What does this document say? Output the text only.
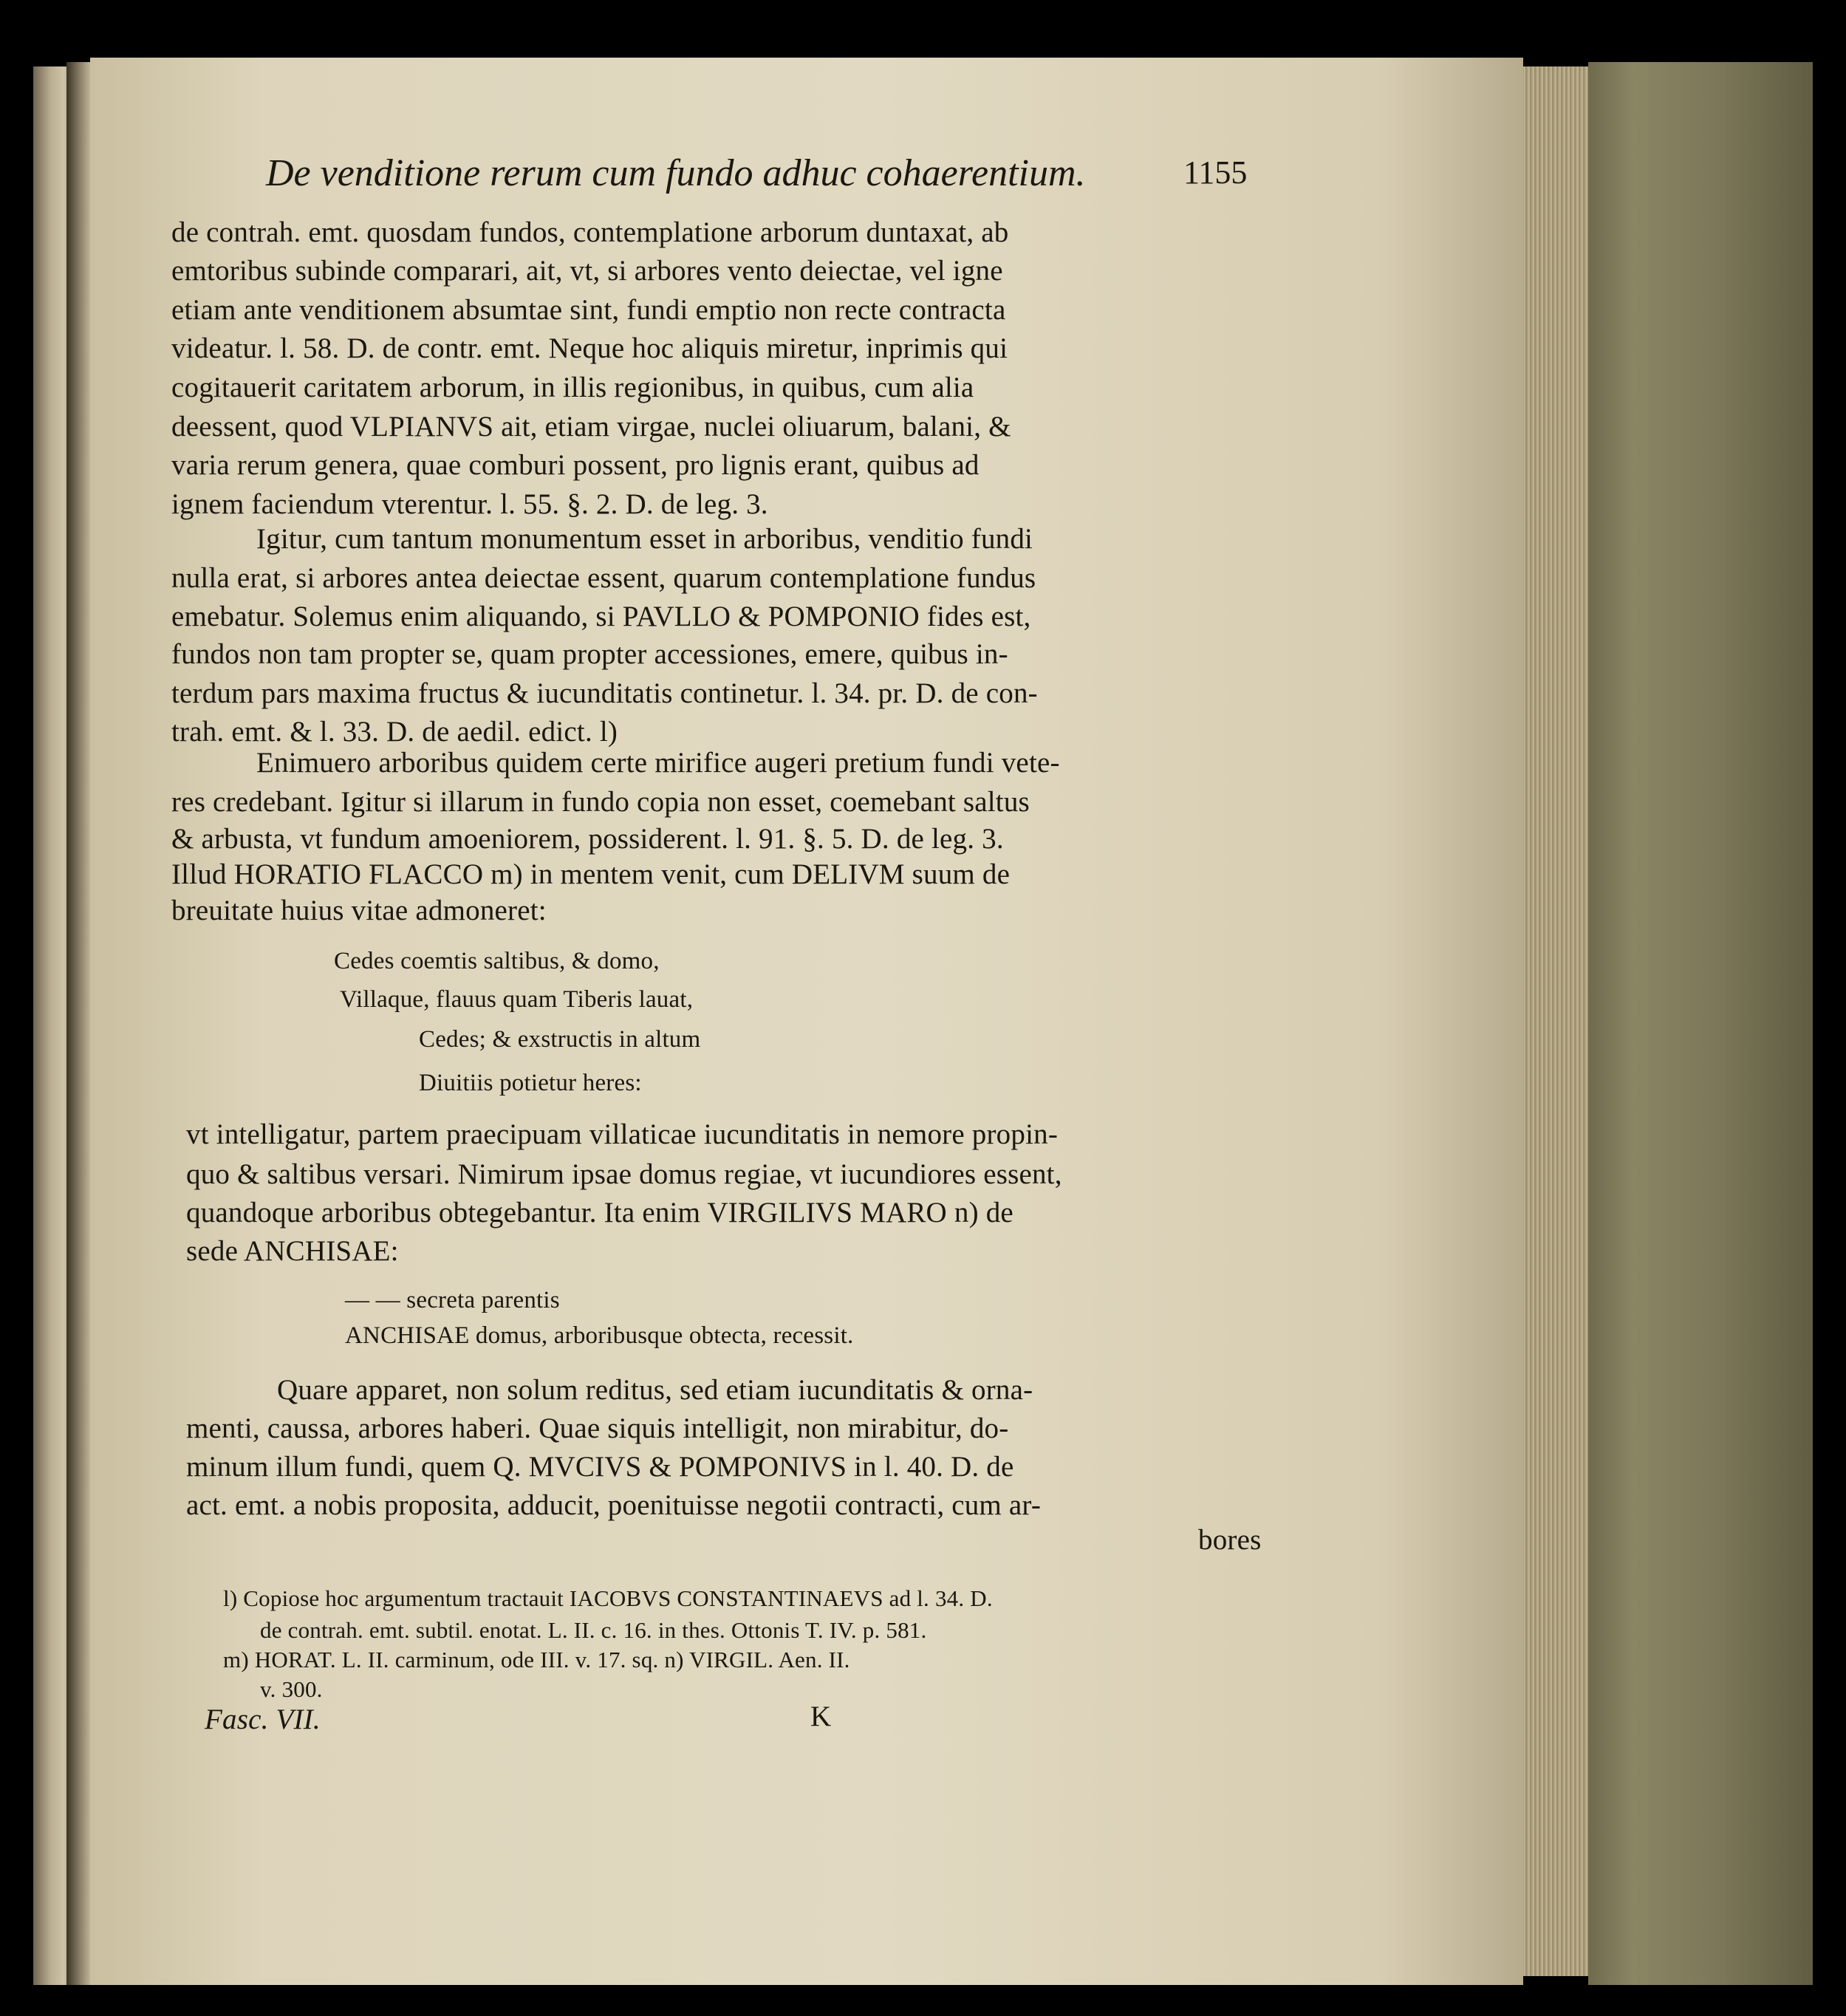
De venditione rerum cum fundo adhuc cohaerentium.	1155
de contrah. emt. quosdam fundos, contemplatione arborum duntaxat, ab
emtoribus subinde comparari, ait, vt, si arbores vento deiectae, vel igne
etiam ante venditionem absumtae sint, fundi emptio non recte contracta
videatur. l. 58. D. de contr. emt. Neque hoc aliquis miretur, inprimis qui
cogitauerit caritatem arborum, in illis regionibus, in quibus, cum alia
deessent, quod VLPIANVS ait, etiam virgae, nuclei oliuarum, balani, &
varia rerum genera, quae comburi possent, pro lignis erant, quibus ad
ignem faciendum vterentur. l. 55. §. 2. D. de leg. 3.
Igitur, cum tantum monumentum esset in arboribus, venditio fundi
nulla erat, si arbores antea deiectae essent, quarum contemplatione fundus
emebatur. Solemus enim aliquando, si PAVLLO & POMPONIO fides est,
fundos non tam propter se, quam propter accessiones, emere, quibus in-
terdum pars maxima fructus & iucunditatis continetur. l. 34. pr. D. de con-
trah. emt. & l. 33. D. de aedil. edict. l)
Enimuero arboribus quidem certe mirifice augeri pretium fundi vete-
res credebant. Igitur si illarum in fundo copia non esset, coemebant saltus
& arbusta, vt fundum amoeniorem, possiderent. l. 91. §. 5. D. de leg. 3.
Illud HORATIO FLACCO m) in mentem venit, cum DELIVM suum de
breuitate huius vitae admoneret:
Cedes coemtis saltibus, & domo,
Villaque, flauus quam Tiberis lauat,
Cedes; & exstructis in altum
Diuitiis potietur heres:
vt intelligatur, partem praecipuam villaticae iucunditatis in nemore propin-
quo & saltibus versari. Nimirum ipsae domus regiae, vt iucundiores essent,
quandoque arboribus obtegebantur. Ita enim VIRGILIVS MARO n) de
sede ANCHISAE:
— — secreta parentis
ANCHISAE domus, arboribusque obtecta, recessit.
Quare apparet, non solum reditus, sed etiam iucunditatis & orna-
menti, caussa, arbores haberi. Quae siquis intelligit, non mirabitur, do-
minum illum fundi, quem Q. MVCIVS & POMPONIVS in l. 40. D. de
act. emt. a nobis proposita, adducit, poenituisse negotii contracti, cum ar-
bores
l) Copiose hoc argumentum tractauit IACOBVS CONSTANTINAEVS ad l. 34. D.
de contrah. emt. subtil. enotat. L. II. c. 16. in thes. Ottonis T. IV. p. 581.
m) HORAT. L. II. carminum, ode III. v. 17. sq. n) VIRGIL. Aen. II.
v. 300.
Fasc. VII.	K
